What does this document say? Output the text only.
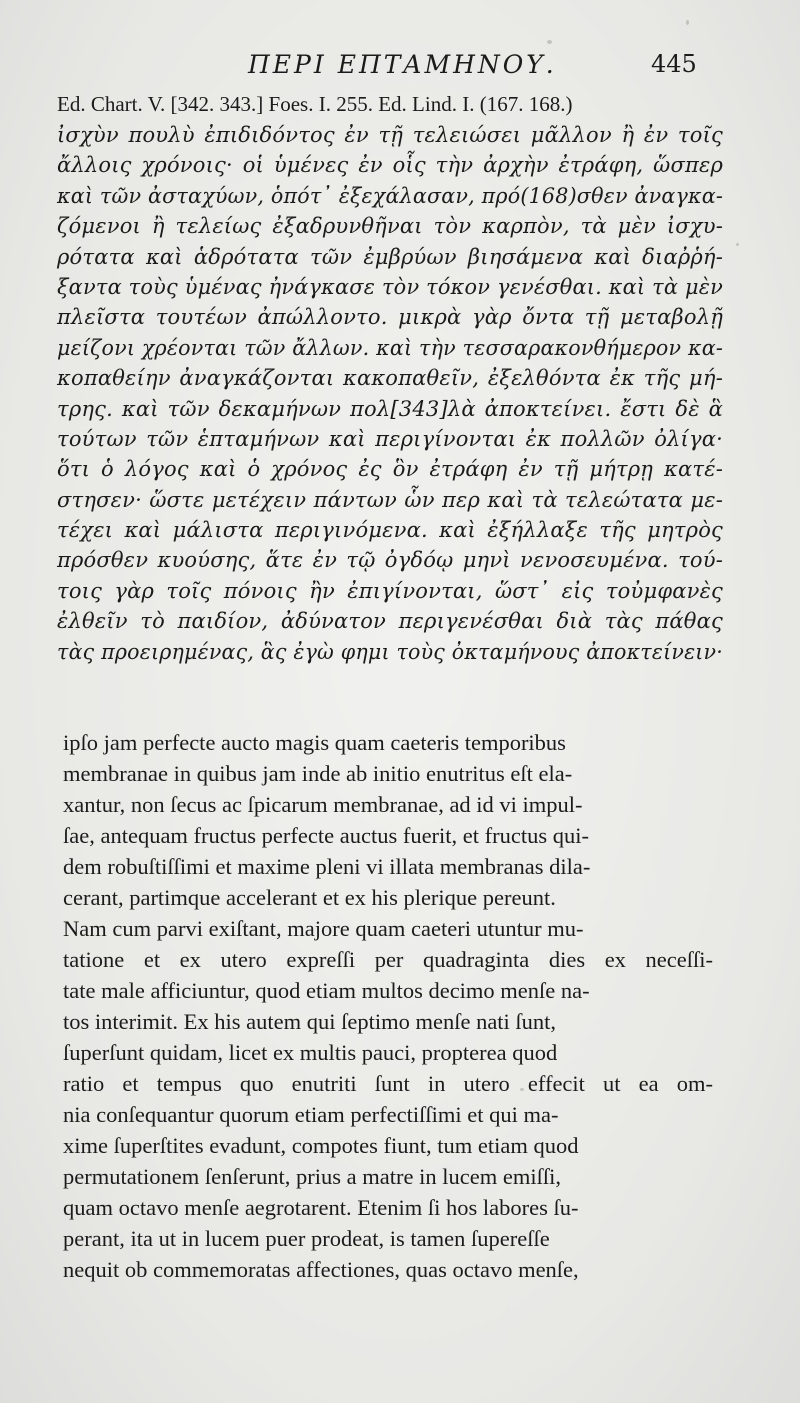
ΠΕΡΙ ΕΠΤΑΜΗΝΟΥ.	445
Ed. Chart. V. [342. 343.] Foes. I. 255. Ed. Lind. I. (167. 168.)
ἰσχὺν πουλὺ ἐπιδιδόντος ἐν τῇ τελειώσει μᾶλλον ἢ ἐν τοῖς
ἄλλοις χρόνοις· οἱ ὑμένες ἐν οἷς τὴν ἀρχὴν ἐτράφη, ὥσπερ
καὶ τῶν ἀσταχύων, ὁπότ᾽ ἐξεχάλασαν, πρό(168)σθεν ἀναγκα-
ζόμενοι ἢ τελείως ἐξαδρυνθῆναι τὸν καρπὸν, τὰ μὲν ἰσχυ-
ρότατα καὶ ἁδρότατα τῶν ἐμβρύων βιησάμενα καὶ διαῤῥή-
ξαντα τοὺς ὑμένας ἠνάγκασε τὸν τόκον γενέσθαι. καὶ τὰ μὲν
πλεῖστα τουτέων ἀπώλλοντο. μικρὰ γὰρ ὄντα τῇ μεταβολῇ
μείζονι χρέονται τῶν ἄλλων. καὶ τὴν τεσσαρακονθήμερον κα-
κοπαθείην ἀναγκάζονται κακοπαθεῖν, ἐξελθόντα ἐκ τῆς μή-
τρης. καὶ τῶν δεκαμήνων πολ[343]λὰ ἀποκτείνει. ἔστι δὲ ἃ
τούτων τῶν ἑπταμήνων καὶ περιγίνονται ἐκ πολλῶν ὀλίγα·
ὅτι ὁ λόγος καὶ ὁ χρόνος ἐς ὃν ἐτράφη ἐν τῇ μήτρῃ κατέ-
στησεν· ὥστε μετέχειν πάντων ὧν περ καὶ τὰ τελεώτατα με-
τέχει καὶ μάλιστα περιγινόμενα. καὶ ἐξήλλαξε τῆς μητρὸς
πρόσθεν κυούσης, ἅτε ἐν τῷ ὀγδόῳ μηνὶ νενοσευμένα. τού-
τοις γὰρ τοῖς πόνοις ἢν ἐπιγίνονται, ὥστ᾽ εἰς τοὐμφανὲς
ἐλθεῖν τὸ παιδίον, ἀδύνατον περιγενέσθαι διὰ τὰς πάθας
τὰς προειρημένας, ἃς ἐγὼ φημι τοὺς ὀκταμήνους ἀποκτείνειν·
ipſo jam perfecte aucto magis quam caeteris temporibus
membranae in quibus jam inde ab initio enutritus eſt ela-
xantur, non ſecus ac ſpicarum membranae, ad id vi impul-
ſae, antequam fructus perfecte auctus fuerit, et fructus qui-
dem robuſtiſſimi et maxime pleni vi illata membranas dila-
cerant, partimque accelerant et ex his plerique pereunt.
Nam cum parvi exiſtant, majore quam caeteri utuntur mu-
tatione et ex utero expreſſi per quadraginta dies ex neceſſi-
tate male afficiuntur, quod etiam multos decimo menſe na-
tos interimit. Ex his autem qui ſeptimo menſe nati ſunt,
ſuperſunt quidam, licet ex multis pauci, propterea quod
ratio et tempus quo enutriti ſunt in utero effecit ut ea om-
nia conſequantur quorum etiam perfectiſſimi et qui ma-
xime ſuperſtites evadunt, compotes fiunt, tum etiam quod
permutationem ſenſerunt, prius a matre in lucem emiſſi,
quam octavo menſe aegrotarent. Etenim ſi hos labores ſu-
perant, ita ut in lucem puer prodeat, is tamen ſupereſſe
nequit ob commemoratas affectiones, quas octavo menſe,
